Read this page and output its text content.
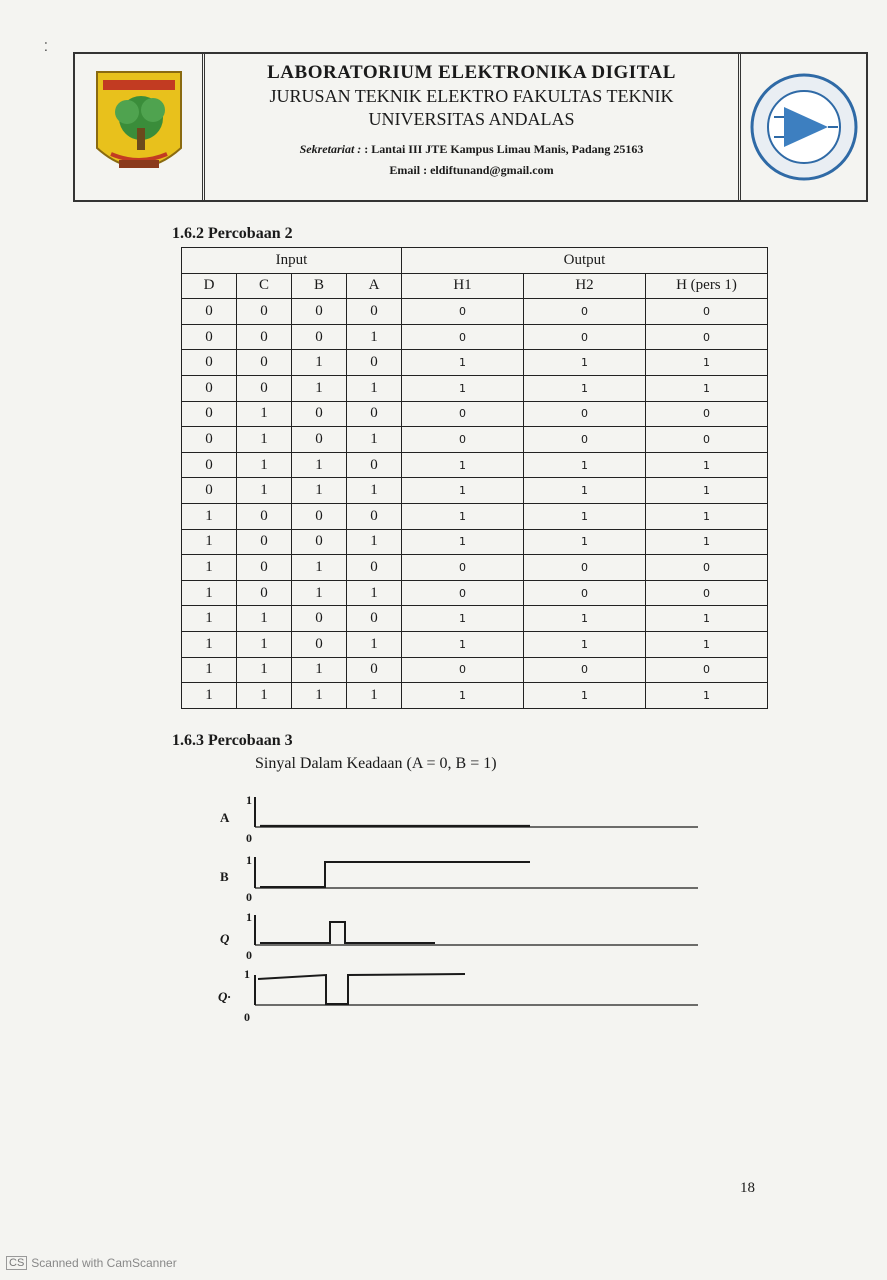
⁚
LABORATORIUM ELEKTRONIKA DIGITAL
JURUSAN TEKNIK ELEKTRO FAKULTAS TEKNIK
UNIVERSITAS ANDALAS
Sekretariat : : Lantai III JTE Kampus Limau Manis, Padang 25163
Email : eldiftunand@gmail.com
1.6.2 Percobaan 2
Input				Output		
D	C	B	A	H1	H2	H (pers 1)
0	0	0	0	0	0	0
0	0	0	1	0	0	0
0	0	1	0	1	1	1
0	0	1	1	1	1	1
0	1	0	0	0	0	0
0	1	0	1	0	0	0
0	1	1	0	1	1	1
0	1	1	1	1	1	1
1	0	0	0	1	1	1
1	0	0	1	1	1	1
1	0	1	0	0	0	0
1	0	1	1	0	0	0
1	1	0	0	1	1	1
1	1	0	1	1	1	1
1	1	1	0	0	0	0
1	1	1	1	1	1	1
1.6.3 Percobaan 3
Sinyal Dalam Keadaan (A = 0, B = 1)
A
1
0
B
1
0
Q
1
0
Q·
1
0
18
CS Scanned with CamScanner
